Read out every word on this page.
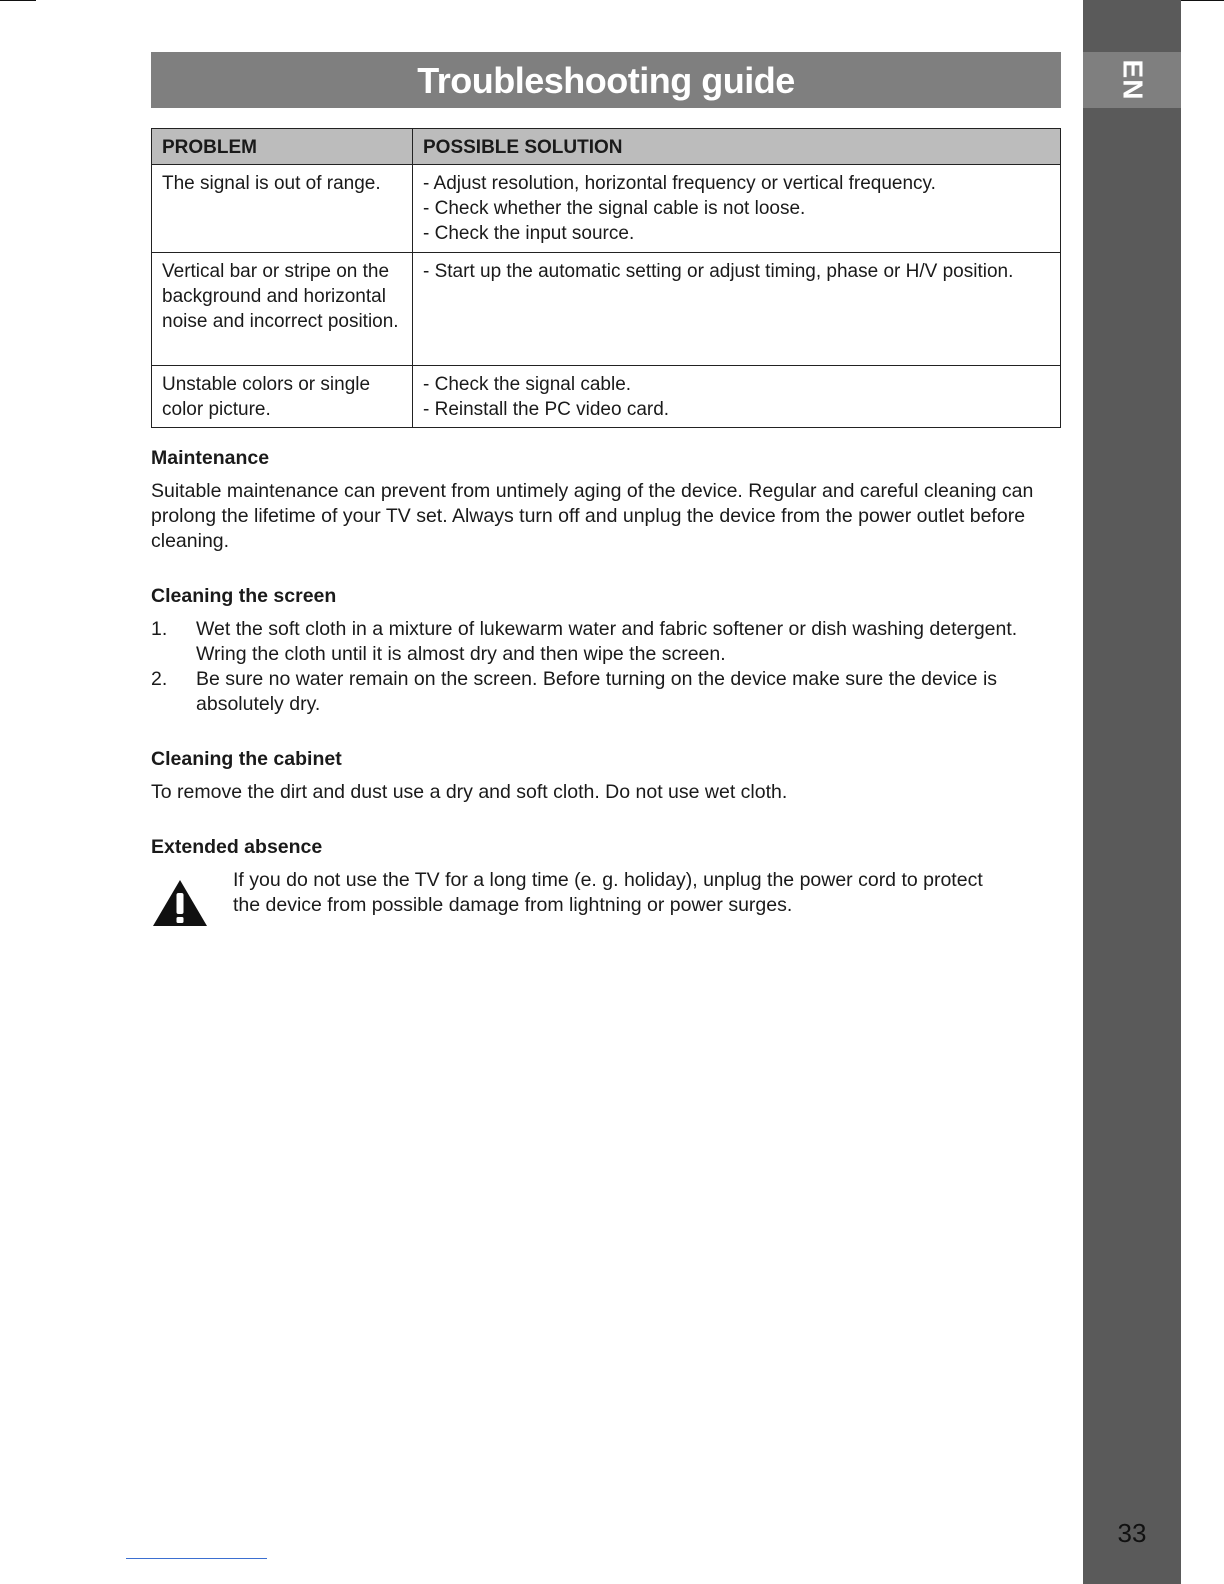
EN
33
Troubleshooting guide
PROBLEM	POSSIBLE SOLUTION
The signal is out of range.	- Adjust resolution, horizontal frequency or vertical frequency.
- Check whether the signal cable is not loose.
- Check the input source.

Vertical bar or stripe on the background and horizontal noise and incorrect position.	- Start up the automatic setting or adjust timing, phase or H/V position.

Unstable colors or single color picture.	- Check the signal cable.
- Reinstall the PC video card.
Maintenance

Suitable maintenance can prevent from untimely aging of the device. Regular and careful cleaning can prolong the lifetime of your TV set. Always turn off and unplug the device from the power outlet before cleaning.

Cleaning the screen
1. Wet the soft cloth in a mixture of lukewarm water and fabric softener or dish washing detergent. Wring the cloth until it is almost dry and then wipe the screen.
2. Be sure no water remain on the screen. Before turning on the device make sure the device is absolutely dry.
Cleaning the cabinet

To remove the dirt and dust use a dry and soft cloth. Do not use wet cloth.

Extended absence

If you do not use the TV for a long time (e. g. holiday), unplug the power cord to protect the device from possible damage from lightning or power surges.
